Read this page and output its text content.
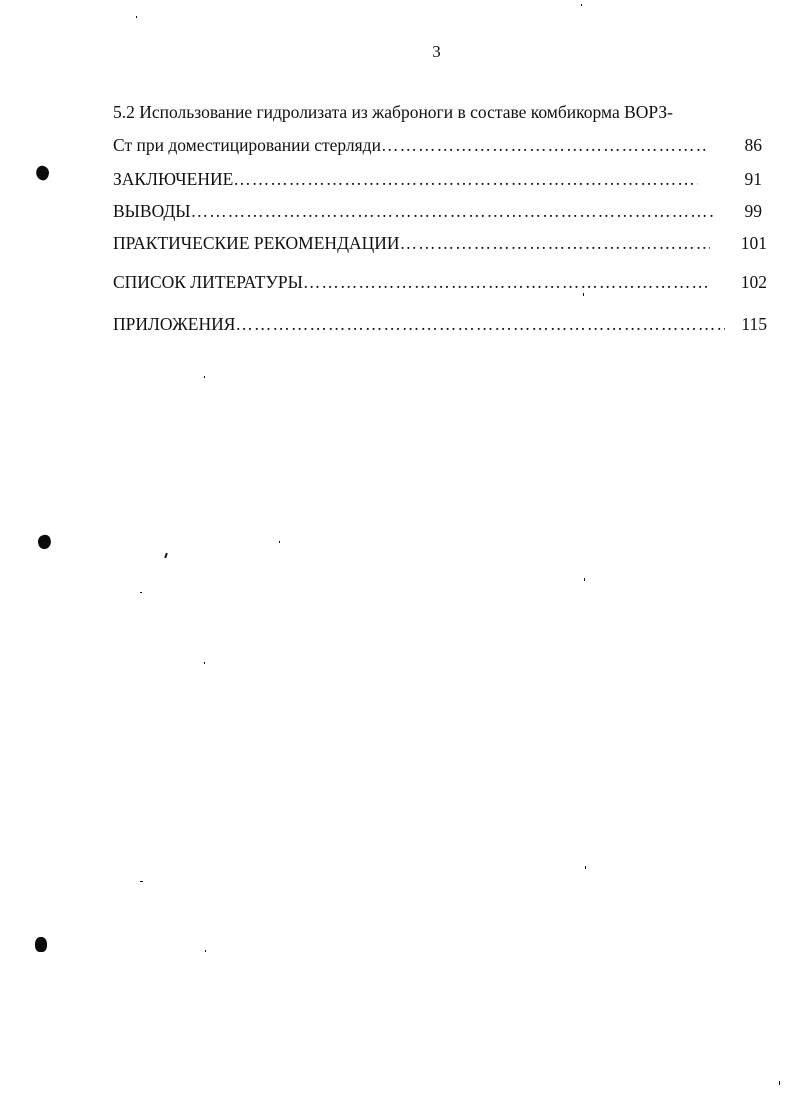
3
5.2 Использование гидролизата из жаброноги в составе комбикорма ВОРЗ-
Ст при доместицировании стерляди ……………………………………………………………………………………………………………………………………………	86
ЗАКЛЮЧЕНИЕ ……………………………………………………………………………………………………………………………………………	91
ВЫВОДЫ ……………………………………………………………………………………………………………………………………………	99
ПРАКТИЧЕСКИЕ РЕКОМЕНДАЦИИ ……………………………………………………………………………………………………………………………………………	101
СПИСОК ЛИТЕРАТУРЫ ……………………………………………………………………………………………………………………………………………	102
ПРИЛОЖЕНИЯ ……………………………………………………………………………………………………………………………………………	115
